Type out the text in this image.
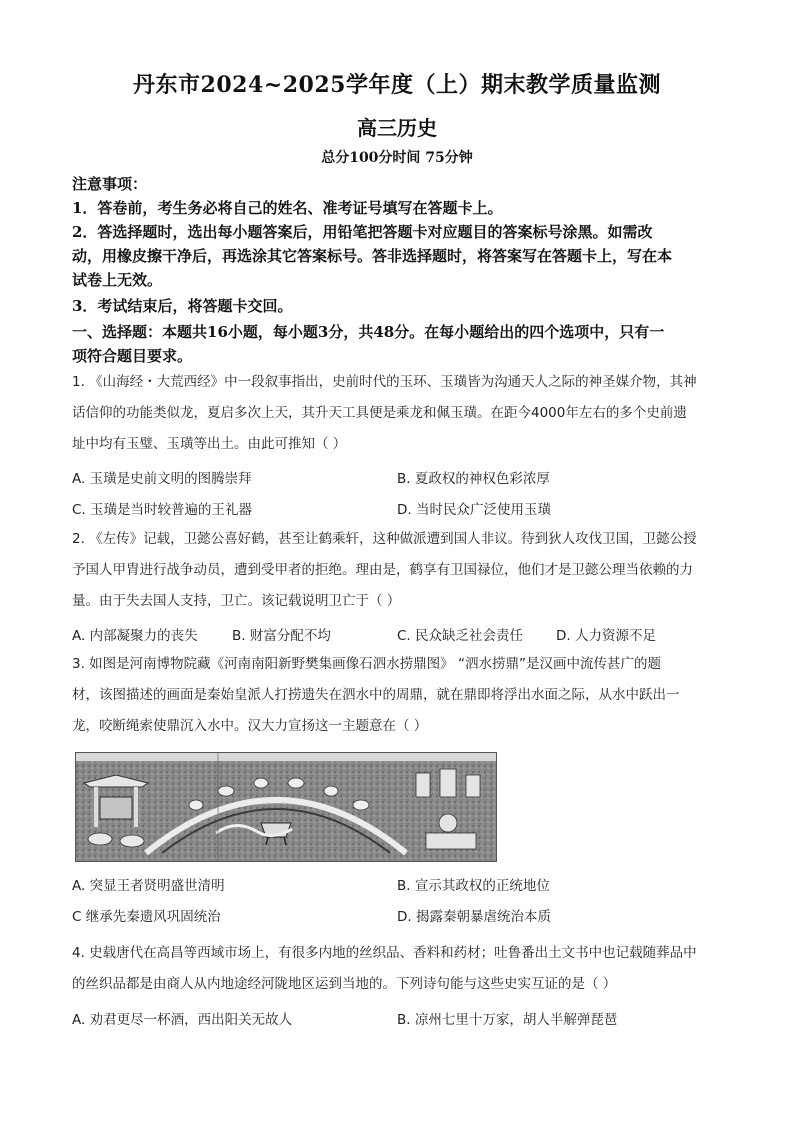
丹东市2024~2025学年度（上）期末教学质量监测
高三历史
总分100分时间 75分钟
注意事项：
1．答卷前，考生务必将自己的姓名、准考证号填写在答题卡上。
2．答选择题时，选出每小题答案后，用铅笔把答题卡对应题目的答案标号涂黑。如需改
动，用橡皮擦干净后，再选涂其它答案标号。答非选择题时，将答案写在答题卡上，写在本
试卷上无效。
3．考试结束后，将答题卡交回。
一、选择题：本题共16小题，每小题3分，共48分。在每小题给出的四个选项中，只有一
项符合题目要求。
1. 《山海经・大荒西经》中一段叙事指出，史前时代的玉环、玉璜皆为沟通天人之际的神圣媒介物，其神
话信仰的功能类似龙，夏启多次上天，其升天工具便是乘龙和佩玉璜。在距今4000年左右的多个史前遗
址中均有玉璧、玉璜等出土。由此可推知（ ）
A. 玉璜是史前文明的图腾崇拜	B. 夏政权的神权色彩浓厚
C. 玉璜是当时较普遍的王礼器	D. 当时民众广泛使用玉璜
2. 《左传》记载，卫懿公喜好鹤，甚至让鹤乘轩，这种做派遭到国人非议。待到狄人攻伐卫国，卫懿公授
予国人甲胄进行战争动员，遭到受甲者的拒绝。理由是，鹤享有卫国禄位，他们才是卫懿公理当依赖的力
量。由于失去国人支持，卫亡。该记载说明卫亡于（ ）
A. 内部凝聚力的丧失	B. 财富分配不均	C. 民众缺乏社会责任 D. 人力资源不足
3. 如图是河南博物院藏《河南南阳新野樊集画像石泗水捞鼎图》 “泗水捞鼎”是汉画中流传甚广的题
材，该图描述的画面是秦始皇派人打捞遗失在泗水中的周鼎，就在鼎即将浮出水面之际，从水中跃出一
龙，咬断绳索使鼎沉入水中。汉大力宣扬这一主题意在（ ）
A. 突显王者贤明盛世清明	B. 宣示其政权的正统地位
C 继承先秦遗风巩固统治	D. 揭露秦朝暴虐统治本质
4. 史载唐代在高昌等西域市场上，有很多内地的丝织品、香料和药材；吐鲁番出土文书中也记载随葬品中
的丝织品都是由商人从内地途经河陇地区运到当地的。下列诗句能与这些史实互证的是（ ）
A. 劝君更尽一杯酒，西出阳关无故人	B. 凉州七里十万家，胡人半解弹琵琶
